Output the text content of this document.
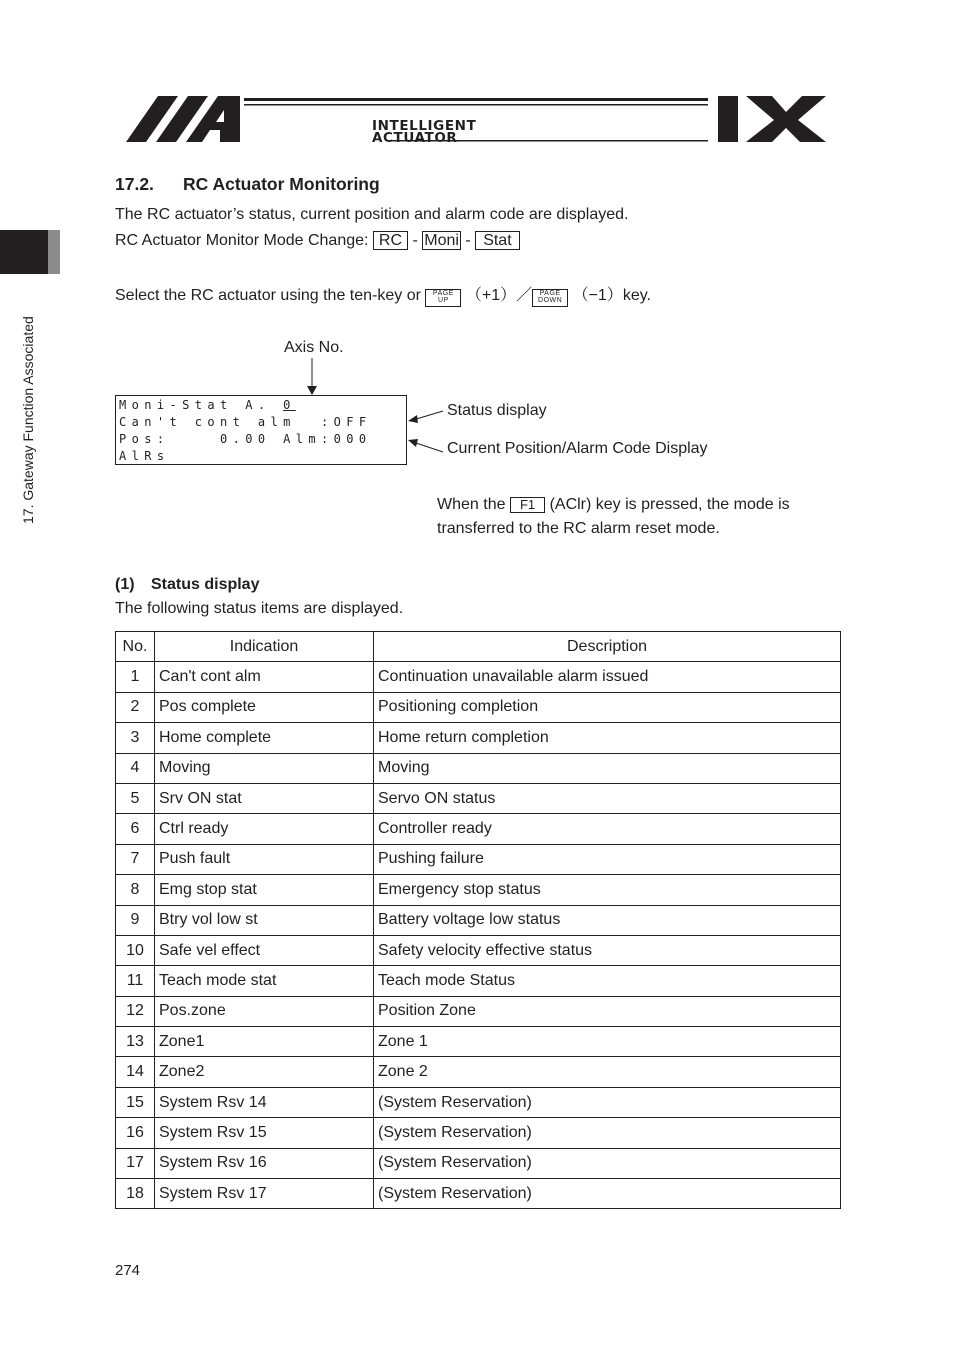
INTELLIGENT
ACTUATOR
17. Gateway Function Associated
17.2. RC Actuator Monitoring
The RC actuator’s status, current position and alarm code are displayed.
RC Actuator Monitor Mode Change: RC - Moni - Stat
Select the RC actuator using the ten-key or PAGE
UP （+1）／ PAGE
DOWN （−1）key.
Axis No.
Moni-Stat A. 0
Can't cont alm  :OFF
Pos:    0.00 Alm:000
AlRs
Status display
Current Position/Alarm Code Display
When the F1 (AClr) key is pressed, the mode is
transferred to the RC alarm reset mode.
(1) Status display
The following status items are displayed.
No.	Indication	Description
1	Can't cont alm	Continuation unavailable alarm issued
2	Pos complete	Positioning completion
3	Home complete	Home return completion
4	Moving	Moving
5	Srv ON stat	Servo ON status
6	Ctrl ready	Controller ready
7	Push fault	Pushing failure
8	Emg stop stat	Emergency stop status
9	Btry vol low st	Battery voltage low status
10	Safe vel effect	Safety velocity effective status
11	Teach mode stat	Teach mode Status
12	Pos.zone	Position Zone
13	Zone1	Zone 1
14	Zone2	Zone 2
15	System Rsv 14	(System Reservation)
16	System Rsv 15	(System Reservation)
17	System Rsv 16	(System Reservation)
18	System Rsv 17	(System Reservation)
274
